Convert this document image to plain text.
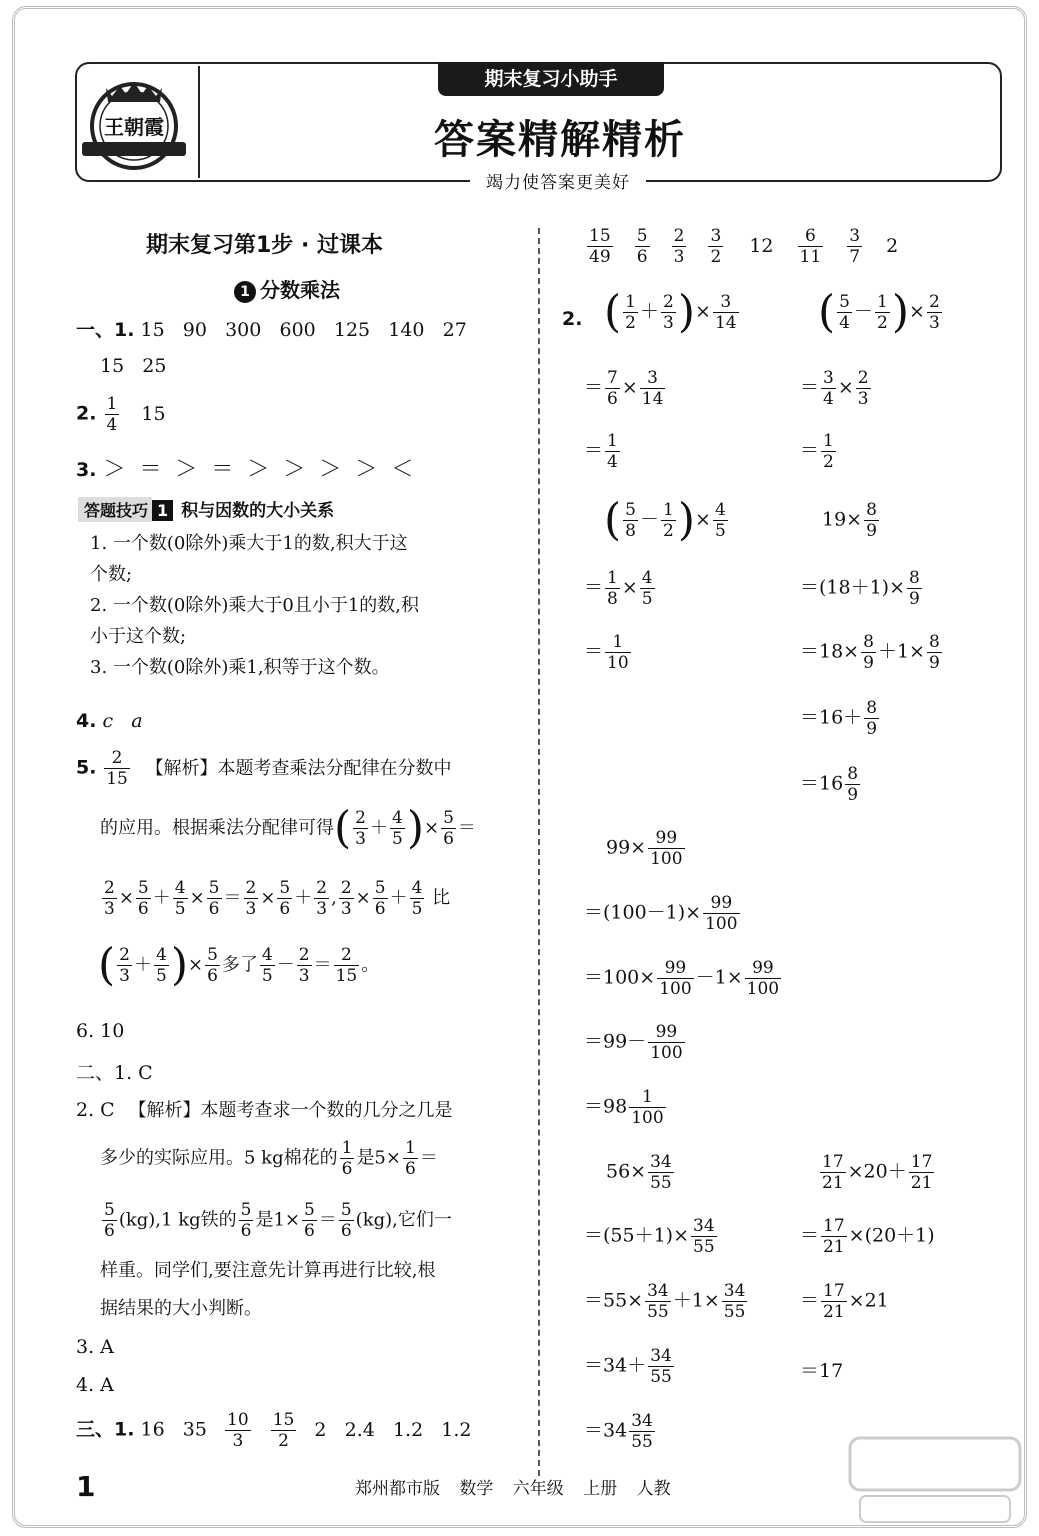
王朝霞
期末复习小助手
答案精解精析
竭力使答案更美好
期末复习第1步 · 过课本
1 分数乘法
一、1. 15   90   300   600   125   140   27
15   25
2. $\frac{1}{4} 15$
3. ＞  ＝  ＞  ＝  ＞  ＞  ＞  ＞  ＜
答题技巧 1 积与因数的大小关系
1. 一个数(0除外)乘大于1的数,积大于这
个数;
2. 一个数(0除外)乘大于0且小于1的数,积
小于这个数;
3. 一个数(0除外)乘1,积等于这个数。
4. c   a
5. $\frac{2}{15}$ 【解析】本题考查乘法分配律在分数中
的应用。根据乘法分配律可得( $\frac{2}{3} + \frac{4}{5}$ )× $\frac{5}{6}$ ＝
$\frac{2}{3} \times \frac{5}{6} + \frac{4}{5} \times \frac{5}{6} = \frac{2}{3} \times \frac{5}{6} + \frac{2}{3}$ , $\frac{2}{3} \times \frac{5}{6} + \frac{4}{5}$ 比
( $\frac{2}{3} + \frac{4}{5}$ )× $\frac{5}{6}$ 多了 $\frac{4}{5} - \frac{2}{3} = \frac{2}{15}$ 。
6. 10
二、1. C
2. C 【解析】本题考查求一个数的几分之几是
多少的实际应用。5 kg棉花的 $\frac{1}{6}$ 是$5\times \frac{1}{6}$ ＝
$\frac{5}{6} (kg),1$ kg铁的 $\frac{5}{6}$ 是$1\times \frac{5}{6} = \frac{5}{6} (kg)$,它们一
样重。同学们,要注意先计算再进行比较,根
据结果的大小判断。
3. A
4. A
三、1. 16   $35 \frac{10}{3}$
$\frac{15}{2} 2$   2.4   1.2   1.2
$\frac{15}{49}$
$\frac{5}{6}$
$\frac{2}{3}$
$\frac{3}{2} 12 \frac{6}{11}$
$\frac{3}{7} 2$
2. ( $\frac{1}{2} + \frac{2}{3}$ )× $\frac{3}{14}$
＝ $\frac{7}{6} \times \frac{3}{14}$
＝ $\frac{1}{4}$
( $\frac{5}{4} - \frac{1}{2}$ )× $\frac{2}{3}$
＝ $\frac{3}{4} \times \frac{2}{3}$
＝ $\frac{1}{2}$
( $\frac{5}{8} - \frac{1}{2}$ )× $\frac{4}{5}$
＝ $\frac{1}{8} \times \frac{4}{5}$
＝ $\frac{1}{10}$
$19\times \frac{8}{9}$
$=(18+1)\times \frac{8}{9}$
$=18\times \frac{8}{9} +1\times \frac{8}{9}$
$=16+ \frac{8}{9}$
$=16 \frac{8}{9}$
$99\times \frac{99}{100}$
$=(100-1)\times \frac{99}{100}$
$=100\times \frac{99}{100} -1\times \frac{99}{100}$
$=99- \frac{99}{100}$
$=98 \frac{1}{100}$
$56\times \frac{34}{55}$
$=(55+1)\times \frac{34}{55}$
$=55\times \frac{34}{55} +1\times \frac{34}{55}$
$=34+ \frac{34}{55}$
$=34 \frac{34}{55}$
$\frac{17}{21} \times 20+ \frac{17}{21}$
＝ $\frac{17}{21} \times(20+1)$
＝ $\frac{17}{21} \times 21$
＝17
1	郑州都市版 数学 六年级 上册 人教
